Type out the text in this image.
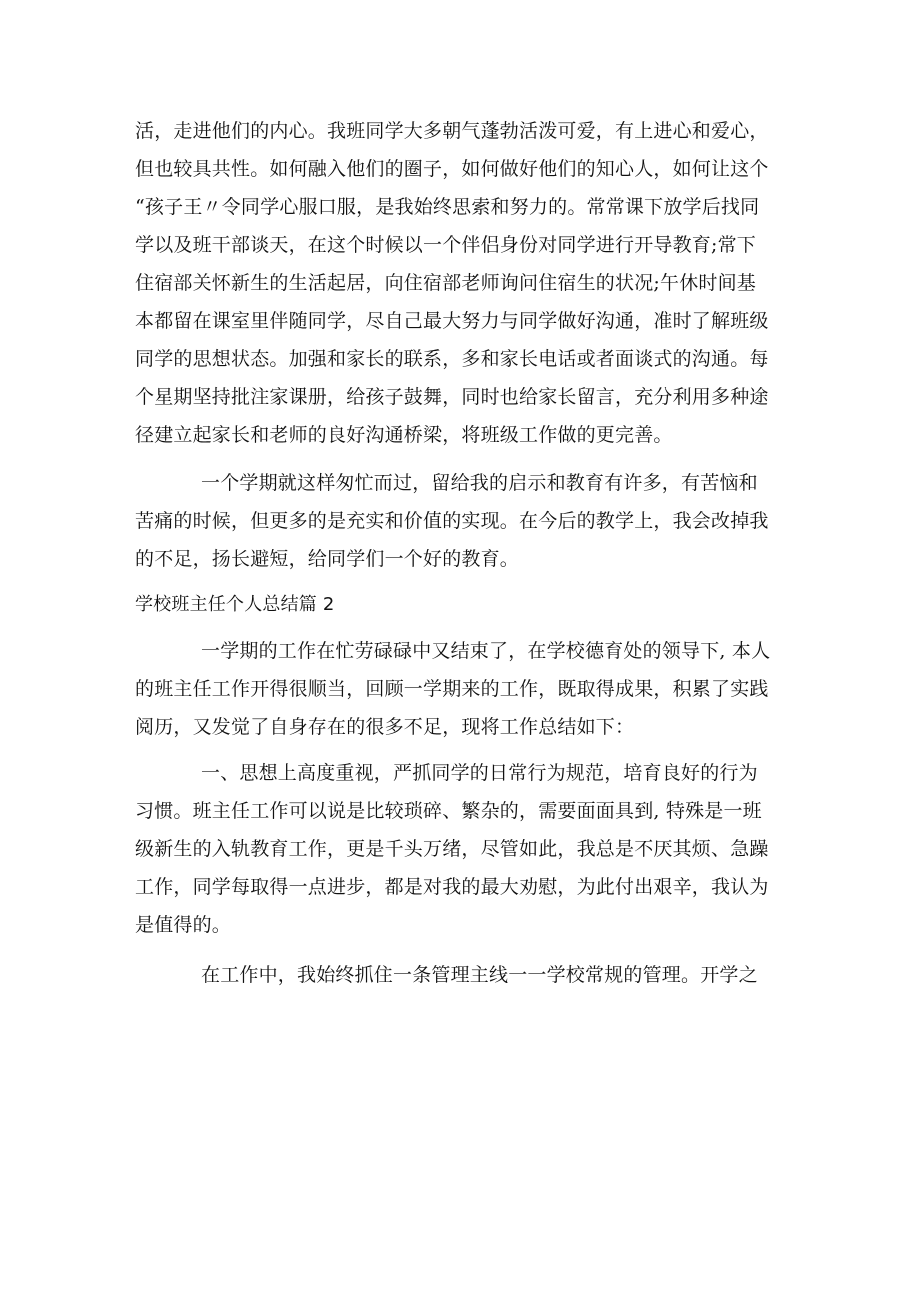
活，走进他们的内心。我班同学大多朝气蓬勃活泼可爱，有上进心和爱心，
但也较具共性。如何融入他们的圈子，如何做好他们的知心人，如何让这个
“孩子王〃令同学心服口服，是我始终思索和努力的。常常课下放学后找同
学以及班干部谈天，在这个时候以一个伴侣身份对同学进行开导教育;常下
住宿部关怀新生的生活起居，向住宿部老师询问住宿生的状况;午休时间基
本都留在课室里伴随同学，尽自己最大努力与同学做好沟通，准时了解班级
同学的思想状态。加强和家长的联系，多和家长电话或者面谈式的沟通。每
个星期坚持批注家课册，给孩子鼓舞，同时也给家长留言，充分利用多种途
径建立起家长和老师的良好沟通桥梁，将班级工作做的更完善。
一个学期就这样匆忙而过，留给我的启示和教育有许多，有苦恼和
苦痛的时候，但更多的是充实和价值的实现。在今后的教学上，我会改掉我
的不足，扬长避短，给同学们一个好的教育。
学校班主任个人总结篇 2
一学期的工作在忙劳碌碌中又结束了，在学校德育处的领导下, 本人
的班主任工作开得很顺当，回顾一学期来的工作，既取得成果，积累了实践
阅历，又发觉了自身存在的很多不足，现将工作总结如下：
一、思想上高度重视，严抓同学的日常行为规范，培育良好的行为
习惯。班主任工作可以说是比较琐碎、繁杂的，需要面面具到, 特殊是一班
级新生的入轨教育工作，更是千头万绪，尽管如此，我总是不厌其烦、急躁
工作，同学每取得一点进步，都是对我的最大劝慰，为此付出艰辛，我认为
是值得的。
在工作中，我始终抓住一条管理主线一一学校常规的管理。开学之
